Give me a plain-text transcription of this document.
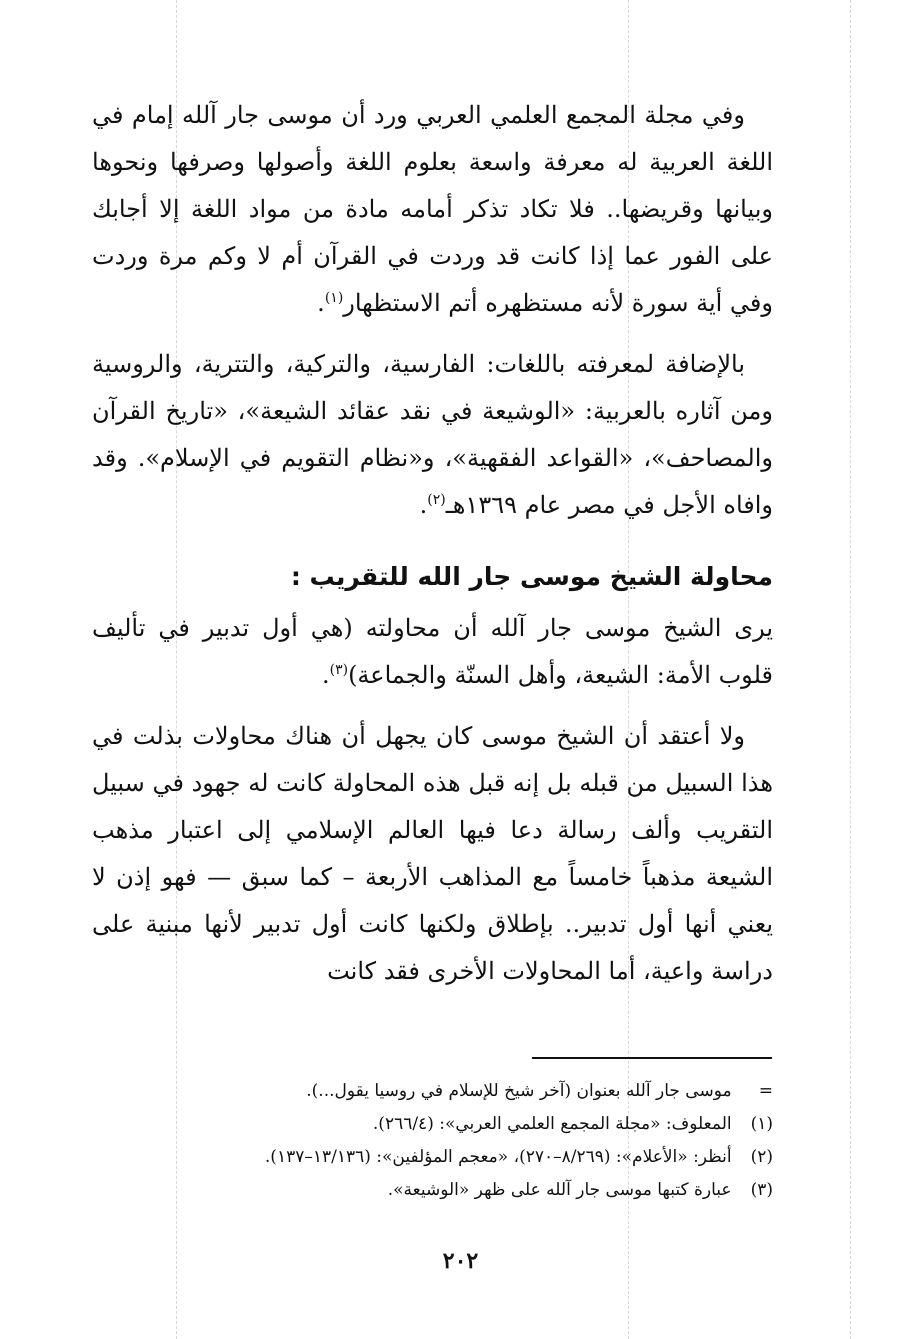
وفي مجلة المجمع العلمي العربي ورد أن موسى جار آلله إمام في اللغة العربية له معرفة واسعة بعلوم اللغة وأصولها وصرفها ونحوها وبيانها وقريضها.. فلا تكاد تذكر أمامه مادة من مواد اللغة إلا أجابك على الفور عما إذا كانت قد وردت في القرآن أم لا وكم مرة وردت وفي أية سورة لأنه مستظهره أتم الاستظهار$^{(١)}$.

بالإضافة لمعرفته باللغات: الفارسية، والتركية، والتترية، والروسية ومن آثاره بالعربية: «الوشيعة في نقد عقائد الشيعة»، «تاريخ القرآن والمصاحف»، «القواعد الفقهية»، و«نظام التقويم في الإسلام». وقد وافاه الأجل في مصر عام ١٣٦٩هـ$^{(٢)}$.

محاولة الشيخ موسى جار الله للتقريب :

يرى الشيخ موسى جار آلله أن محاولته (هي أول تدبير في تأليف قلوب الأمة: الشيعة، وأهل السنّة والجماعة)$^{(٣)}$.

ولا أعتقد أن الشيخ موسى كان يجهل أن هناك محاولات بذلت في هذا السبيل من قبله بل إنه قبل هذه المحاولة كانت له جهود في سبيل التقريب وألف رسالة دعا فيها العالم الإسلامي إلى اعتبار مذهب الشيعة مذهباً خامساً مع المذاهب الأربعة – كما سبق — فهو إذن لا يعني أنها أول تدبير.. بإطلاق ولكنها كانت أول تدبير لأنها مبنية على دراسة واعية، أما المحاولات الأخرى فقد كانت

= موسى جار آلله بعنوان (آخر شيخ للإسلام في روسيا يقول...).

(١) المعلوف: «مجلة المجمع العلمي العربي»: (٢٦٦/٤).

(٢) أنظر: «الأعلام»: (٨/٢٦٩–٢٧٠)، «معجم المؤلفين»: (١٣/١٣٦–١٣٧).

(٣) عبارة كتبها موسى جار آلله على ظهر «الوشيعة».

٢٠٢
